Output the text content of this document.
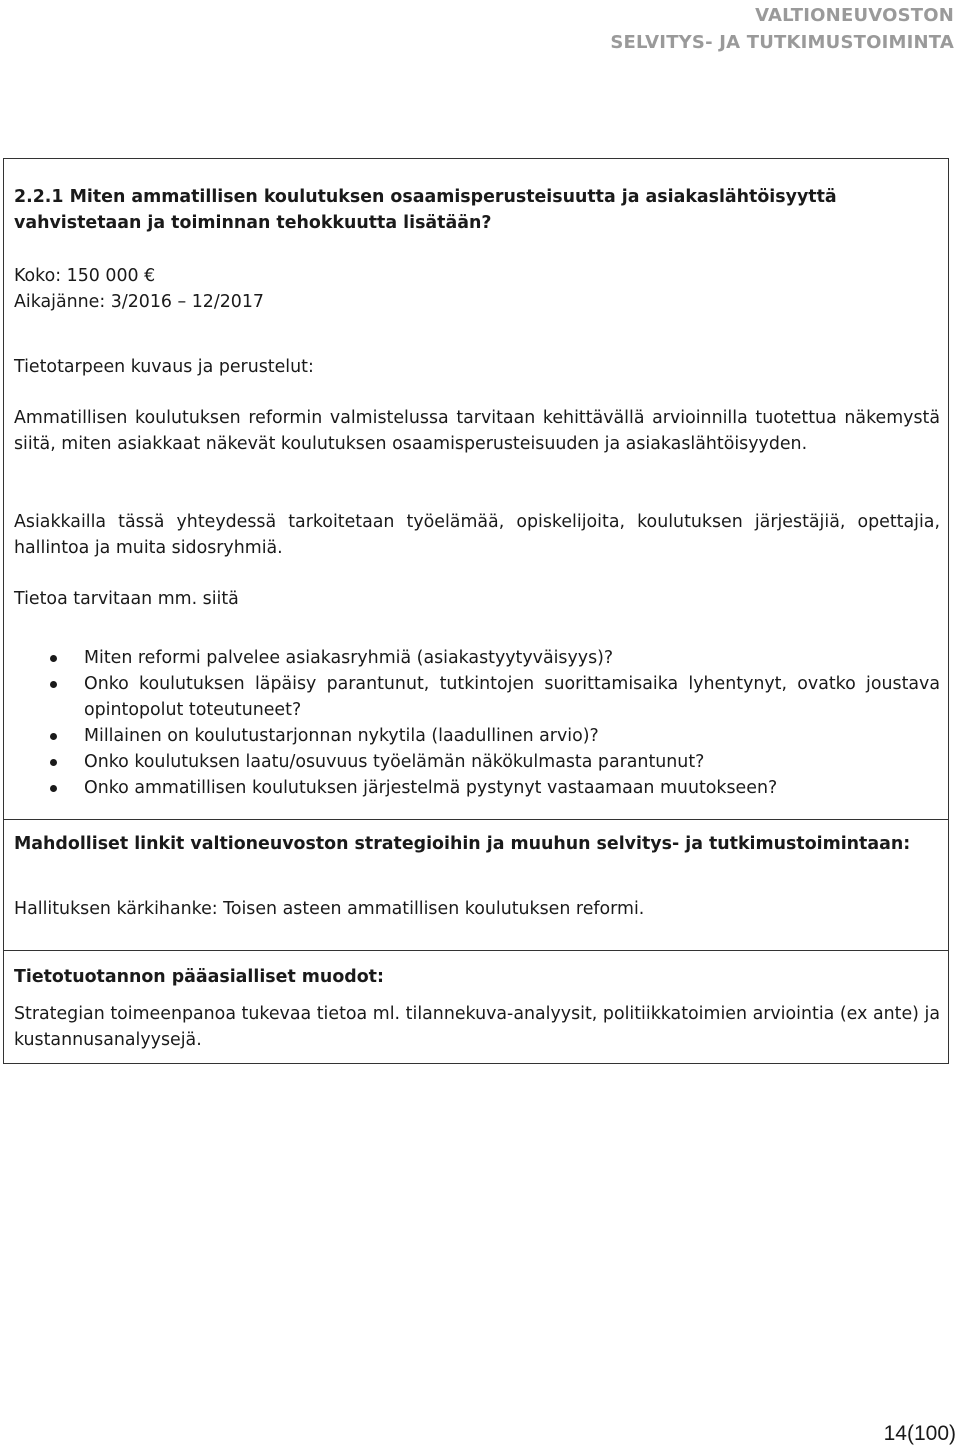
VALTIONEUVOSTON
SELVITYS- JA TUTKIMUSTOIMINTA

2.2.1 Miten ammatillisen koulutuksen osaamisperusteisuutta ja asiakaslähtöisyyttä
vahvistetaan ja toiminnan tehokkuutta lisätään?

Koko: 150 000 €

Aikajänne: 3/2016 – 12/2017

Tietotarpeen kuvaus ja perustelut:

Ammatillisen koulutuksen reformin valmistelussa tarvitaan kehittävällä arvioinnilla tuotettua näkemystä siitä, miten asiakkaat näkevät koulutuksen osaamisperusteisuuden ja asiakaslähtöisyyden.

Asiakkailla tässä yhteydessä tarkoitetaan työelämää, opiskelijoita, koulutuksen järjestäjiä, opettajia, hallintoa ja muita sidosryhmiä.

Tietoa tarvitaan mm. siitä

Miten reformi palvelee asiakasryhmiä (asiakastyytyväisyys)?
Onko koulutuksen läpäisy parantunut, tutkintojen suorittamisaika lyhentynyt, ovatko joustava opintopolut toteutuneet?
Millainen on koulutustarjonnan nykytila (laadullinen arvio)?
Onko koulutuksen laatu/osuvuus työelämän näkökulmasta parantunut?
Onko ammatillisen koulutuksen järjestelmä pystynyt vastaamaan muutokseen?

Mahdolliset linkit valtioneuvoston strategioihin ja muuhun selvitys- ja tutkimustoimintaan:

Hallituksen kärkihanke: Toisen asteen ammatillisen koulutuksen reformi.

Tietotuotannon pääasialliset muodot:

Strategian toimeenpanoa tukevaa tietoa ml. tilannekuva-analyysit, politiikkatoimien arviointia (ex ante) ja kustannusanalyysejä.

14(100)
